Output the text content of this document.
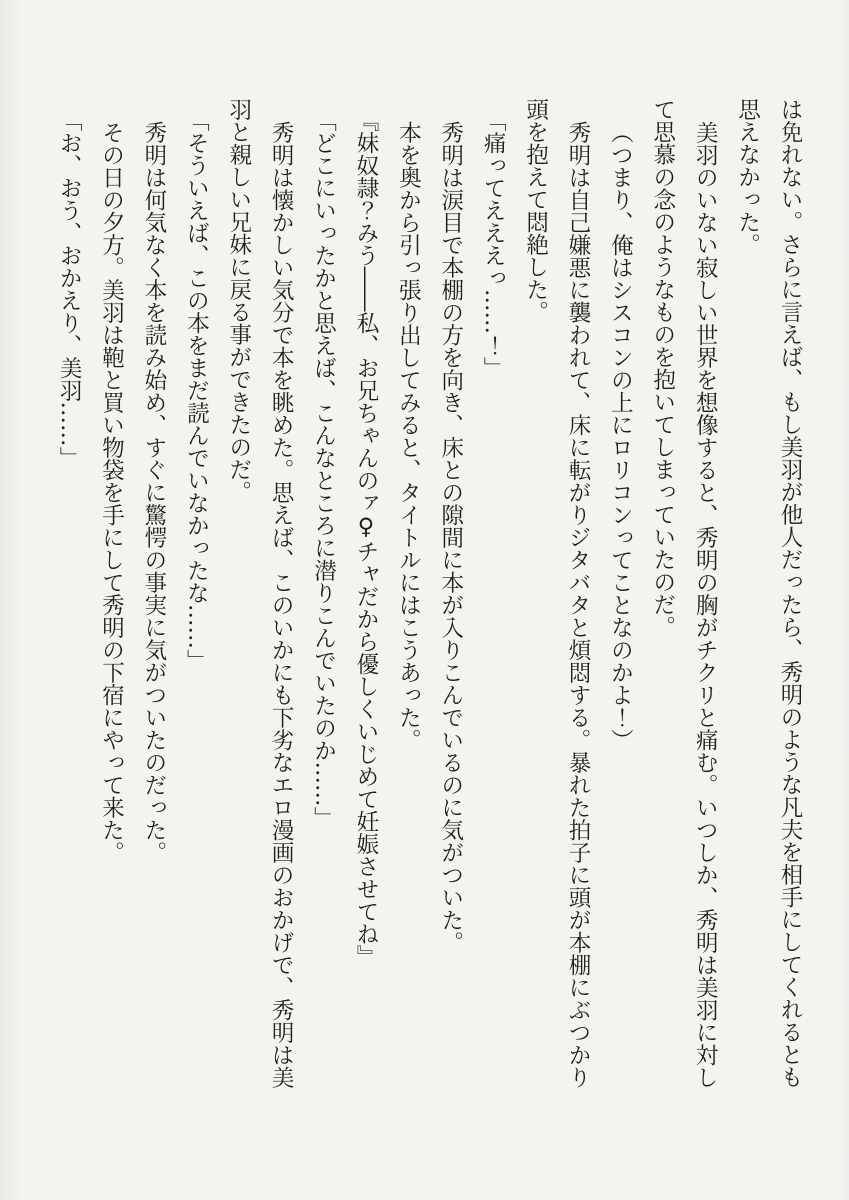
は免れない。さらに言えば、もし美羽が他人だったら、秀明のような凡夫を相手にしてくれるとも思えなかった。

美羽のいない寂しい世界を想像すると、秀明の胸がチクリと痛む。いつしか、秀明は美羽に対して思慕の念のようなものを抱いてしまっていたのだ。

（つまり、俺はシスコンの上にロリコンってことなのかよ！）

秀明は自己嫌悪に襲われて、床に転がりジタバタと煩悶する。暴れた拍子に頭が本棚にぶつかり頭を抱えて悶絶した。

「痛ってえええっ……！」

秀明は涙目で本棚の方を向き、床との隙間に本が入りこんでいるのに気がついた。

本を奥から引っ張り出してみると、タイトルにはこうあった。

『妹奴隷？みう――私、お兄ちゃんのァ♀チャだから優しくいじめて妊娠させてね』

「どこにいったかと思えば、こんなところに潜りこんでいたのか……」

秀明は懐かしい気分で本を眺めた。思えば、このいかにも下劣なエロ漫画のおかげで、秀明は美羽と親しい兄妹に戻る事ができたのだ。

「そういえば、この本をまだ読んでいなかったな……」

秀明は何気なく本を読み始め、すぐに驚愕の事実に気がついたのだった。

その日の夕方。美羽は鞄と買い物袋を手にして秀明の下宿にやって来た。

「お、おう、おかえり、美羽……」
